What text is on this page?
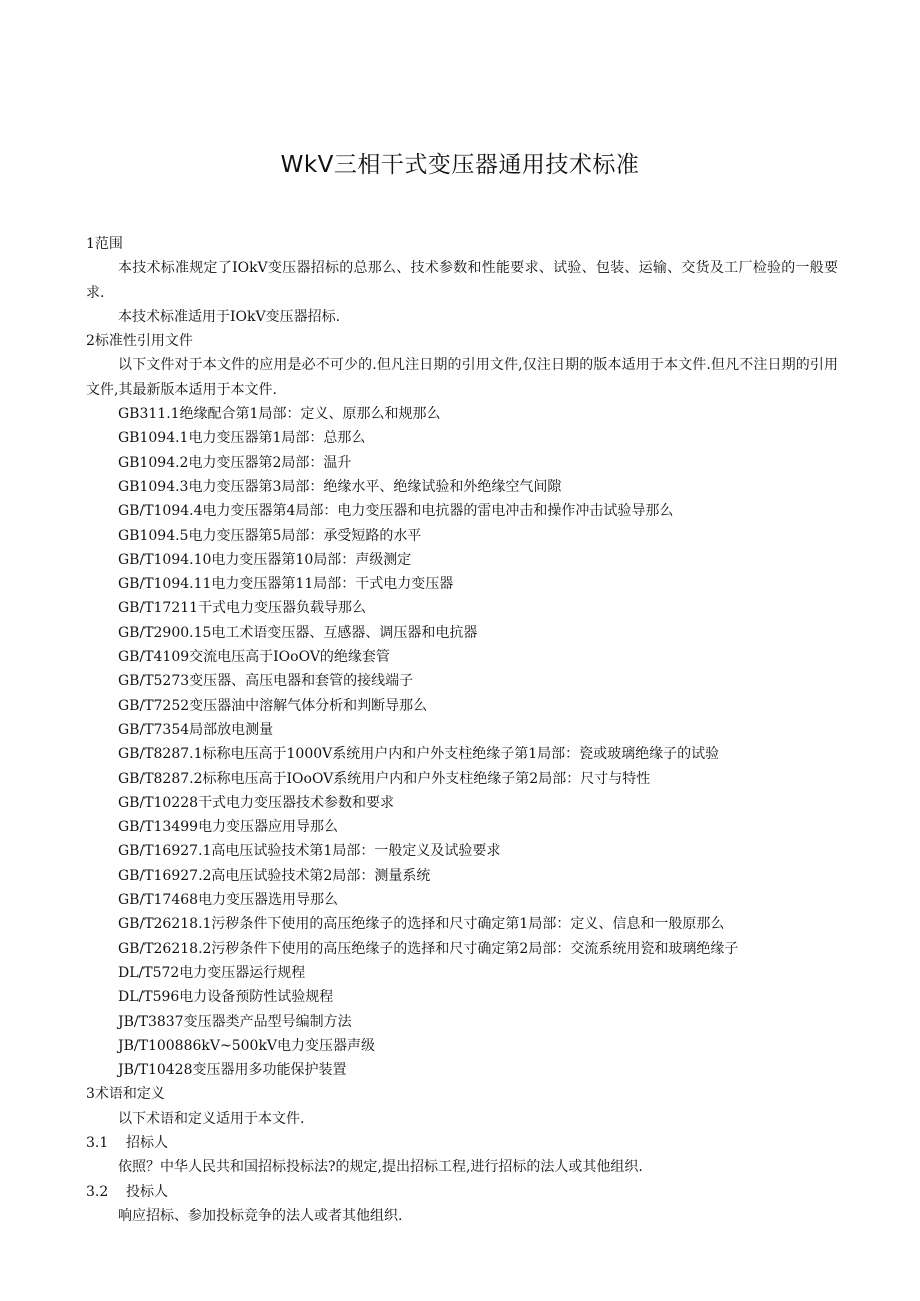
WkV三相干式变压器通用技术标准
1范围
本技术标准规定了IOkV变压器招标的总那么、技术参数和性能要求、试验、包装、运输、交货及工厂检验的一般要求.
本技术标准适用于IOkV变压器招标.
2标准性引用文件
以下文件对于本文件的应用是必不可少的.但凡注日期的引用文件,仅注日期的版本适用于本文件.但凡不注日期的引用文件,其最新版本适用于本文件.
GB311.1绝缘配合第1局部：定义、原那么和规那么
GB1094.1电力变压器第1局部：总那么
GB1094.2电力变压器第2局部：温升
GB1094.3电力变压器第3局部：绝缘水平、绝缘试验和外绝缘空气间隙
GB/T1094.4电力变压器第4局部：电力变压器和电抗器的雷电冲击和操作冲击试验导那么
GB1094.5电力变压器第5局部：承受短路的水平
GB/T1094.10电力变压器第10局部：声级测定
GB/T1094.11电力变压器第11局部：干式电力变压器
GB/T17211干式电力变压器负载导那么
GB/T2900.15电工术语变压器、互感器、调压器和电抗器
GB/T4109交流电压高于IOoOV的绝缘套管
GB/T5273变压器、高压电器和套管的接线端子
GB/T7252变压器油中溶解气体分析和判断导那么
GB/T7354局部放电测量
GB/T8287.1标称电压高于1000V系统用户内和户外支柱绝缘子第1局部：瓷或玻璃绝缘子的试验
GB/T8287.2标称电压高于IOoOV系统用户内和户外支柱绝缘子第2局部：尺寸与特性
GB/T10228干式电力变压器技术参数和要求
GB/T13499电力变压器应用导那么
GB/T16927.1高电压试验技术第1局部：一般定义及试验要求
GB/T16927.2高电压试验技术第2局部：测量系统
GB/T17468电力变压器选用导那么
GB/T26218.1污秽条件下使用的高压绝缘子的选择和尺寸确定第1局部：定义、信息和一般原那么
GB/T26218.2污秽条件下使用的高压绝缘子的选择和尺寸确定第2局部：交流系统用瓷和玻璃绝缘子
DL/T572电力变压器运行规程
DL/T596电力设备预防性试验规程
JB/T3837变压器类产品型号编制方法
JB/T100886kV~500kV电力变压器声级
JB/T10428变压器用多功能保护装置
3术语和定义
以下术语和定义适用于本文件.
3.1 招标人
依照？中华人民共和国招标投标法?的规定,提出招标工程,进行招标的法人或其他组织.
3.2 投标人
响应招标、参加投标竞争的法人或者其他组织.
